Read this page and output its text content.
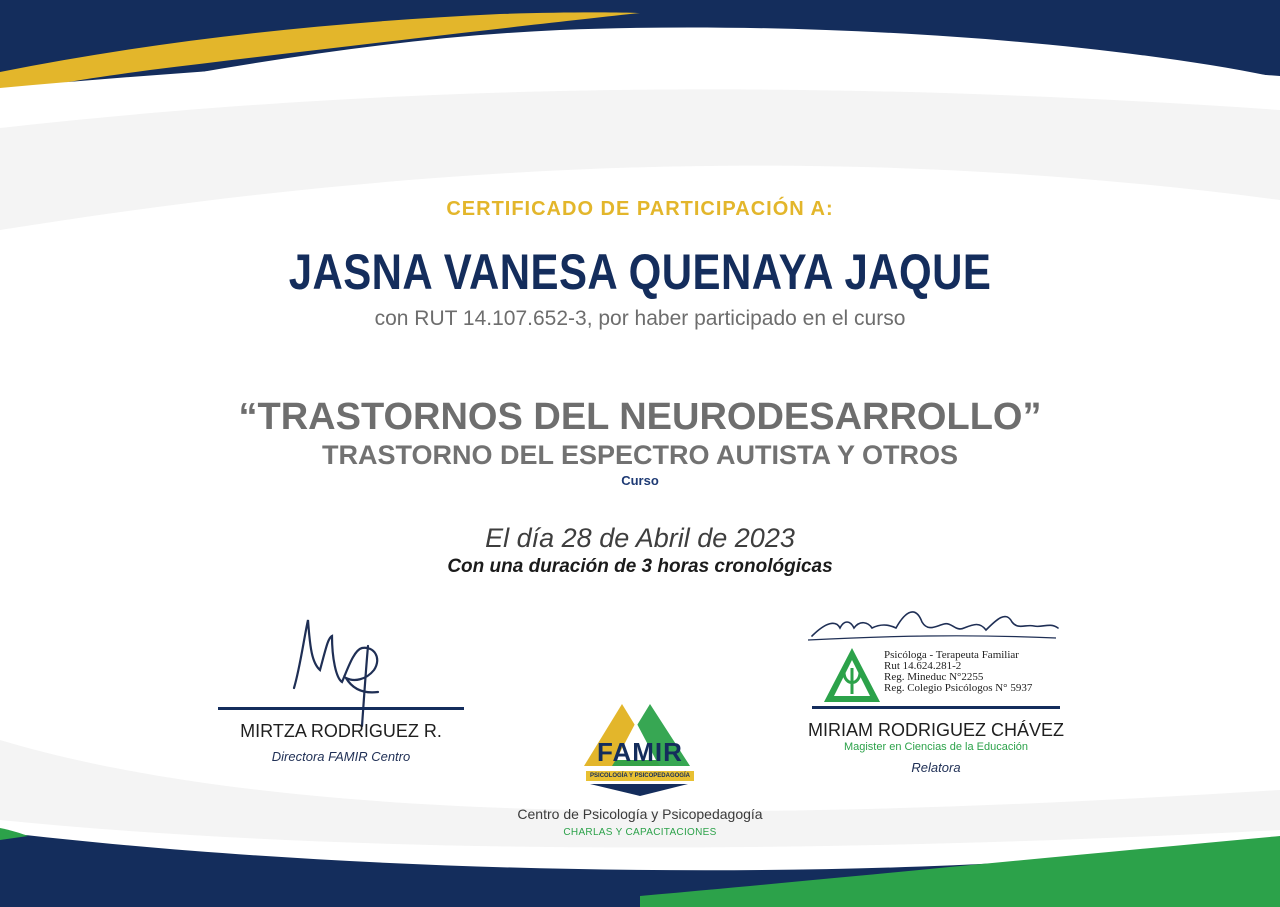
CERTIFICADO DE PARTICIPACIÓN A:
JASNA VANESA QUENAYA JAQUE
con RUT 14.107.652-3, por haber participado en el curso
“TRASTORNOS DEL NEURODESARROLLO”
TRASTORNO DEL ESPECTRO AUTISTA Y OTROS
Curso
El día 28 de Abril de 2023
Con una duración de 3 horas cronológicas
MIRTZA RODRIGUEZ R.
Directora FAMIR Centro
Psicóloga - Terapeuta Familiar
Rut 14.624.281-2
Reg. Mineduc N°2255
Reg. Colegio Psicólogos N° 5937
MIRIAM RODRIGUEZ CHÁVEZ
Magister en Ciencias de la Educación
Relatora
FAMIR
PSICOLOGÍA Y PSICOPEDAGOGÍA
Centro de Psicología y Psicopedagogía
CHARLAS Y CAPACITACIONES
